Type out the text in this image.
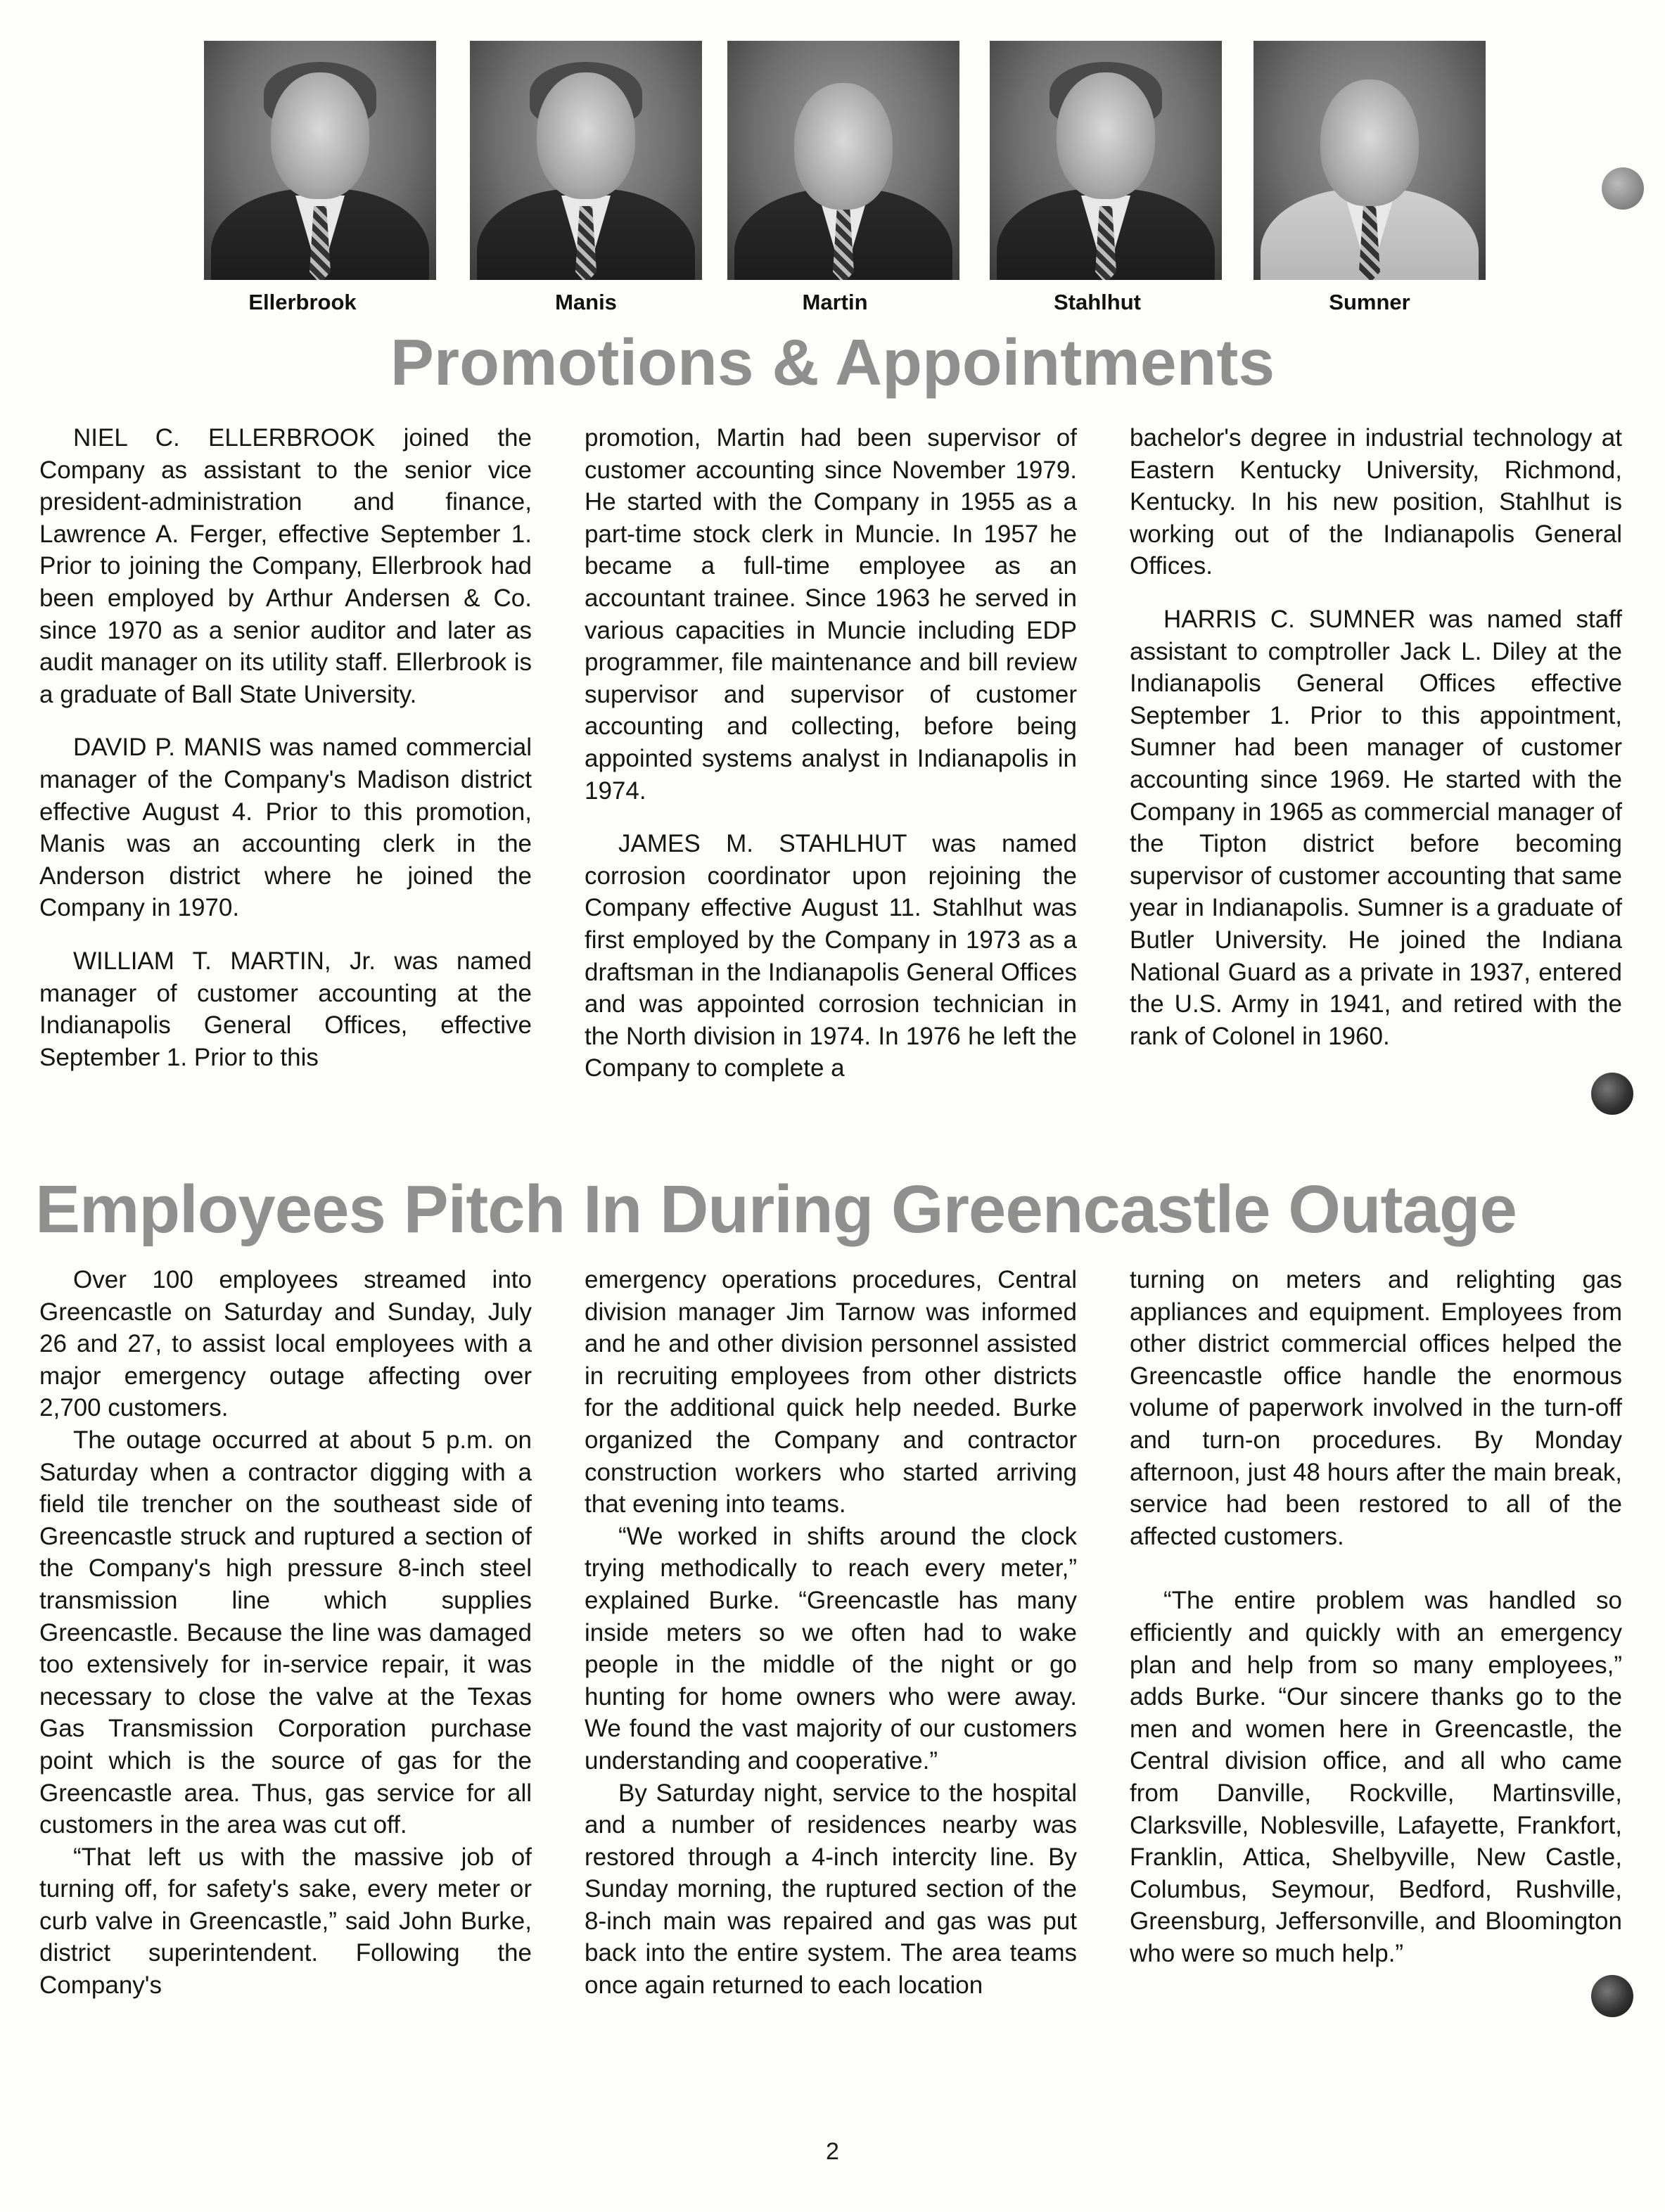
Ellerbrook	Manis	Martin	Stahlhut	Sumner
Promotions & Appointments

NIEL C. ELLERBROOK joined the Company as assistant to the senior vice president-administration and finance, Lawrence A. Ferger, effective September 1. Prior to joining the Company, Ellerbrook had been employed by Arthur Andersen & Co. since 1970 as a senior auditor and later as audit manager on its utility staff. Ellerbrook is a graduate of Ball State University.

DAVID P. MANIS was named commercial manager of the Company's Madison district effective August 4. Prior to this promotion, Manis was an accounting clerk in the Anderson district where he joined the Company in 1970.

WILLIAM T. MARTIN, Jr. was named manager of customer accounting at the Indianapolis General Offices, effective September 1. Prior to this

promotion, Martin had been supervisor of customer accounting since November 1979. He started with the Company in 1955 as a part-time stock clerk in Muncie. In 1957 he became a full-time employee as an accountant trainee. Since 1963 he served in various capacities in Muncie including EDP programmer, file maintenance and bill review supervisor and supervisor of customer accounting and collecting, before being appointed systems analyst in Indianapolis in 1974.

JAMES M. STAHLHUT was named corrosion coordinator upon rejoining the Company effective August 11. Stahlhut was first employed by the Company in 1973 as a draftsman in the Indianapolis General Offices and was appointed corrosion technician in the North division in 1974. In 1976 he left the Company to complete a

bachelor's degree in industrial technology at Eastern Kentucky University, Richmond, Kentucky. In his new position, Stahlhut is working out of the Indianapolis General Offices.

HARRIS C. SUMNER was named staff assistant to comptroller Jack L. Diley at the Indianapolis General Offices effective September 1. Prior to this appointment, Sumner had been manager of customer accounting since 1969. He started with the Company in 1965 as commercial manager of the Tipton district before becoming supervisor of customer accounting that same year in Indianapolis. Sumner is a graduate of Butler University. He joined the Indiana National Guard as a private in 1937, entered the U.S. Army in 1941, and retired with the rank of Colonel in 1960.

Employees Pitch In During Greencastle Outage

Over 100 employees streamed into Greencastle on Saturday and Sunday, July 26 and 27, to assist local employees with a major emergency outage affecting over 2,700 customers.

The outage occurred at about 5 p.m. on Saturday when a contractor digging with a field tile trencher on the southeast side of Greencastle struck and ruptured a section of the Company's high pressure 8-inch steel transmission line which supplies Greencastle. Because the line was damaged too extensively for in-service repair, it was necessary to close the valve at the Texas Gas Transmission Corporation purchase point which is the source of gas for the Greencastle area. Thus, gas service for all customers in the area was cut off.

“That left us with the massive job of turning off, for safety's sake, every meter or curb valve in Greencastle,” said John Burke, district superintendent. Following the Company's

emergency operations procedures, Central division manager Jim Tarnow was informed and he and other division personnel assisted in recruiting employees from other districts for the additional quick help needed. Burke organized the Company and contractor construction workers who started arriving that evening into teams.

“We worked in shifts around the clock trying methodically to reach every meter,” explained Burke. “Greencastle has many inside meters so we often had to wake people in the middle of the night or go hunting for home owners who were away. We found the vast majority of our customers understanding and cooperative.”

By Saturday night, service to the hospital and a number of residences nearby was restored through a 4-inch intercity line. By Sunday morning, the ruptured section of the 8-inch main was repaired and gas was put back into the entire system. The area teams once again returned to each location

turning on meters and relighting gas appliances and equipment. Employees from other district commercial offices helped the Greencastle office handle the enormous volume of paperwork involved in the turn-off and turn-on procedures. By Monday afternoon, just 48 hours after the main break, service had been restored to all of the affected customers.

“The entire problem was handled so efficiently and quickly with an emergency plan and help from so many employees,” adds Burke. “Our sincere thanks go to the men and women here in Greencastle, the Central division office, and all who came from Danville, Rockville, Martinsville, Clarksville, Noblesville, Lafayette, Frankfort, Franklin, Attica, Shelbyville, New Castle, Columbus, Seymour, Bedford, Rushville, Greensburg, Jeffersonville, and Bloomington who were so much help.”

2
